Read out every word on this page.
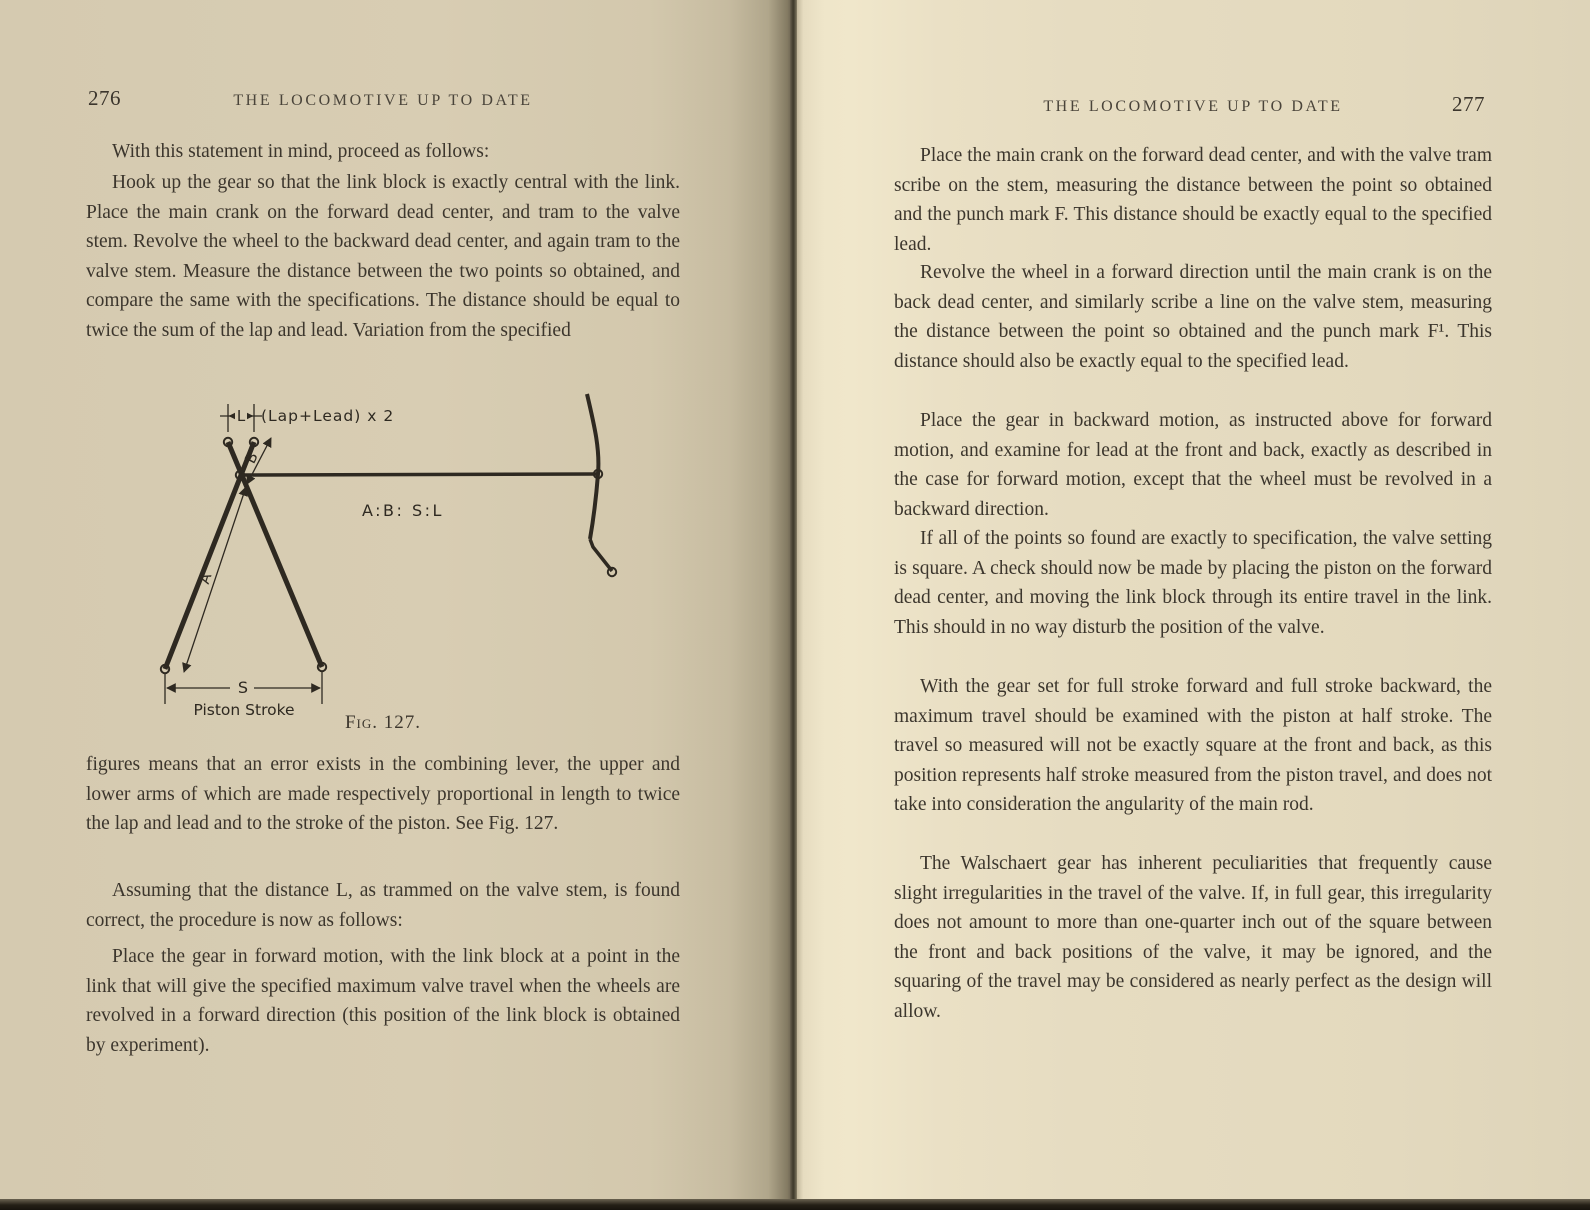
276	THE LOCOMOTIVE UP TO DATE
With this statement in mind, proceed as follows:
Hook up the gear so that the link block is exactly central with the link. Place the main crank on the forward dead center, and tram to the valve stem. Revolve the wheel to the backward dead center, and again tram to the valve stem. Measure the distance between the two points so obtained, and compare the same with the specifications. The distance should be equal to twice the sum of the lap and lead. Variation from the specified
L (Lap+Lead) x 2
B
A
S
Piston Stroke
A:B: S:L
Fig. 127.
figures means that an error exists in the combining lever, the upper and lower arms of which are made respectively proportional in length to twice the lap and lead and to the stroke of the piston. See Fig. 127.
Assuming that the distance L, as trammed on the valve stem, is found correct, the procedure is now as follows:
Place the gear in forward motion, with the link block at a point in the link that will give the specified maximum valve travel when the wheels are revolved in a forward direction (this position of the link block is obtained by experiment).
THE LOCOMOTIVE UP TO DATE	277
Place the main crank on the forward dead center, and with the valve tram scribe on the stem, measuring the distance between the point so obtained and the punch mark F. This distance should be exactly equal to the specified lead.
Revolve the wheel in a forward direction until the main crank is on the back dead center, and similarly scribe a line on the valve stem, measuring the distance between the point so obtained and the punch mark F¹. This distance should also be exactly equal to the specified lead.
Place the gear in backward motion, as instructed above for forward motion, and examine for lead at the front and back, exactly as described in the case for forward motion, except that the wheel must be revolved in a backward direction.
If all of the points so found are exactly to specification, the valve setting is square. A check should now be made by placing the piston on the forward dead center, and moving the link block through its entire travel in the link. This should in no way disturb the position of the valve.
With the gear set for full stroke forward and full stroke backward, the maximum travel should be examined with the piston at half stroke. The travel so measured will not be exactly square at the front and back, as this position represents half stroke measured from the piston travel, and does not take into consideration the angularity of the main rod.
The Walschaert gear has inherent peculiarities that frequently cause slight irregularities in the travel of the valve. If, in full gear, this irregularity does not amount to more than one-quarter inch out of the square between the front and back positions of the valve, it may be ignored, and the squaring of the travel may be considered as nearly perfect as the design will allow.
